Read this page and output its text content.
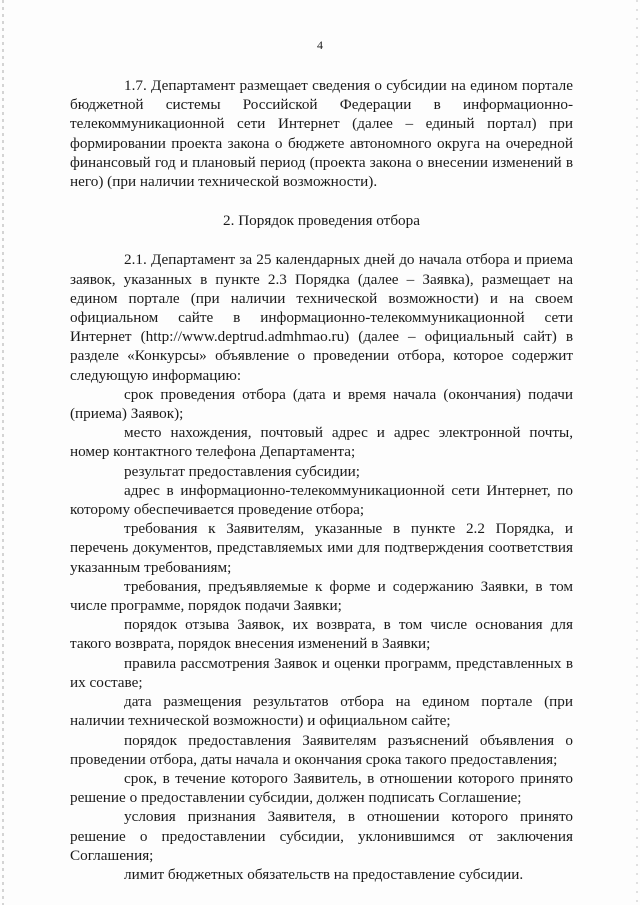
4

1.7. Департамент размещает сведения о субсидии на едином портале бюджетной системы Российской Федерации в информационно-телекоммуникационной сети Интернет (далее – единый портал) при формировании проекта закона о бюджете автономного округа на очередной финансовый год и плановый период (проекта закона о внесении изменений в него) (при наличии технической возможности).

2. Порядок проведения отбора

2.1. Департамент за 25 календарных дней до начала отбора и приема заявок, указанных в пункте 2.3 Порядка (далее – Заявка), размещает на едином портале (при наличии технической возможности) и на своем официальном сайте в информационно-телекоммуникационной сети Интернет (http://www.deptrud.admhmao.ru) (далее – официальный сайт) в разделе «Конкурсы» объявление о проведении отбора, которое содержит следующую информацию:

срок проведения отбора (дата и время начала (окончания) подачи (приема) Заявок);

место нахождения, почтовый адрес и адрес электронной почты, номер контактного телефона Департамента;

результат предоставления субсидии;

адрес в информационно-телекоммуникационной сети Интернет, по которому обеспечивается проведение отбора;

требования к Заявителям, указанные в пункте 2.2 Порядка, и перечень документов, представляемых ими для подтверждения соответствия указанным требованиям;

требования, предъявляемые к форме и содержанию Заявки, в том числе программе, порядок подачи Заявки;

порядок отзыва Заявок, их возврата, в том числе основания для такого возврата, порядок внесения изменений в Заявки;

правила рассмотрения Заявок и оценки программ, представленных в их составе;

дата размещения результатов отбора на едином портале (при наличии технической возможности) и официальном сайте;

порядок предоставления Заявителям разъяснений объявления о проведении отбора, даты начала и окончания срока такого предоставления;

срок, в течение которого Заявитель, в отношении которого принято решение о предоставлении субсидии, должен подписать Соглашение;

условия признания Заявителя, в отношении которого принято решение о предоставлении субсидии, уклонившимся от заключения Соглашения;

лимит бюджетных обязательств на предоставление субсидии.
